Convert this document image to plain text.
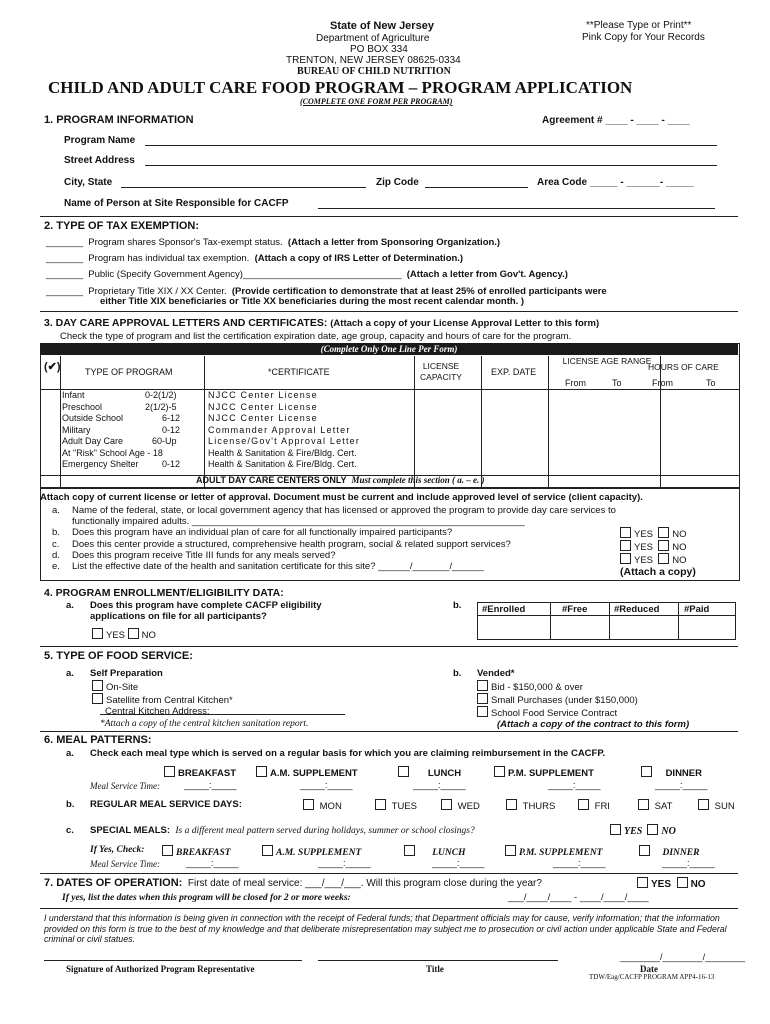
State of New Jersey
Department of Agriculture
PO BOX 334
TRENTON, NEW JERSEY 08625-0334
BUREAU OF CHILD NUTRITION
**Please Type or Print**
Pink Copy for Your Records
CHILD AND ADULT CARE FOOD PROGRAM – PROGRAM APPLICATION
(COMPLETE ONE FORM PER PROGRAM)
1. PROGRAM INFORMATION	Agreement # ____ - ____ - ____
Program Name
Street Address
City, State	Zip Code	Area Code _____ - ______- _____
Name of Person at Site Responsible for CACFP
2. TYPE OF TAX EXEMPTION:
_______ Program shares Sponsor's Tax-exempt status. (Attach a letter from Sponsoring Organization.)
_______ Program has individual tax exemption. (Attach a copy of IRS Letter of Determination.)
_______ Public (Specify Government Agency)______________________________ (Attach a letter from Gov't. Agency.)
_______ Proprietary Title XIX / XX Center. (Provide certification to demonstrate that at least 25% of enrolled participants were
either Title XIX beneficiaries or Title XX beneficiaries during the most recent calendar month. )
3. DAY CARE APPROVAL LETTERS AND CERTIFICATES: (Attach a copy of your License Approval Letter to this form)
Check the type of program and list the certification expiration date, age group, capacity and hours of care for the program.
(Complete Only One Line Per Form)
(✔)	TYPE OF PROGRAM	*CERTIFICATE
LICENSE CAPACITY	EXP. DATE
LICENSE AGE RANGE
HOURS OF CARE
From	To	From	To
Infant	0-2(1/2)	NJCC Center License
Preschool	2(1/2)-5	NJCC Center License
Outside School	6-12	NJCC Center License
Military	0-12	Commander Approval Letter
Adult Day Care	60-Up	License/Gov't Approval Letter
At "Risk" School Age - 18	Health & Sanitation & Fire/Bldg. Cert.
Emergency Shelter	0-12	Health & Sanitation & Fire/Bldg. Cert.
ADULT DAY CARE CENTERS ONLY Must complete this section ( a. – e. )
Attach copy of current license or letter of approval. Document must be current and include approved level of service (client capacity).
a. Name of the federal, state, or local government agency that has licensed or approved the program to provide day care services to
functionally impaired adults. _______________________________________________________________
b. Does this program have an individual plan of care for all functionally impaired participants?
c. Does this center provide a structured, comprehensive health program, social & related support services?
d. Does this program receive Title III funds for any meals served?
e. List the effective date of the health and sanitation certificate for this site? ______/_______/______
YES NO
YES NO
YES NO
(Attach a copy)
4. PROGRAM ENROLLMENT/ELIGIBILITY DATA:
a. Does this program have complete CACFP eligibility
applications on file for all participants?
b. #Enrolled	#Free	#Reduced	#Paid
YES NO
5. TYPE OF FOOD SERVICE:
a. Self Preparation
On-Site
Satellite from Central Kitchen*
Central Kitchen Address:
*Attach a copy of the central kitchen sanitation report.
b. Vended*
Bid - $150,000 & over
Small Purchases (under $150,000)
School Food Service Contract
(Attach a copy of the contract to this form)
6. MEAL PATTERNS:
a. Check each meal type which is served on a regular basis for which you are claiming reimbursement in the CACFP.
BREAKFAST	A.M. SUPPLEMENT	LUNCH	P.M. SUPPLEMENT	DINNER
Meal Service Time:	_____:_____	_____:_____	_____:_____	_____:_____	_____:_____
b. REGULAR MEAL SERVICE DAYS:	MON	TUES	WED	THURS	FRI	SAT	SUN
c. SPECIAL MEALS: Is a different meal pattern served during holidays, summer or school closings?	YES NO
If Yes, Check:	BREAKFAST	A.M. SUPPLEMENT	LUNCH	P.M. SUPPLEMENT	DINNER
Meal Service Time:	_____:_____	_____:_____	_____:_____	_____:_____	_____:_____
7. DATES OF OPERATION: First date of meal service: ___/___/___. Will this program close during the year?	YES NO
If yes, list the dates when this program will be closed for 2 or more weeks:	___/____/____ - ____/____/____
I understand that this information is being given in connection with the receipt of Federal funds; that Department officials may for cause, verify information; that the information provided on this form is true to the best of my knowledge and that deliberate misrepresentation may subject me to prosecution or civil action under applicable State and Federal criminal or civil statues.
________/________/________
Signature of Authorized Program Representative	Title	Date
TDW/Eag/CACFP PROGRAM APP4-16-13
